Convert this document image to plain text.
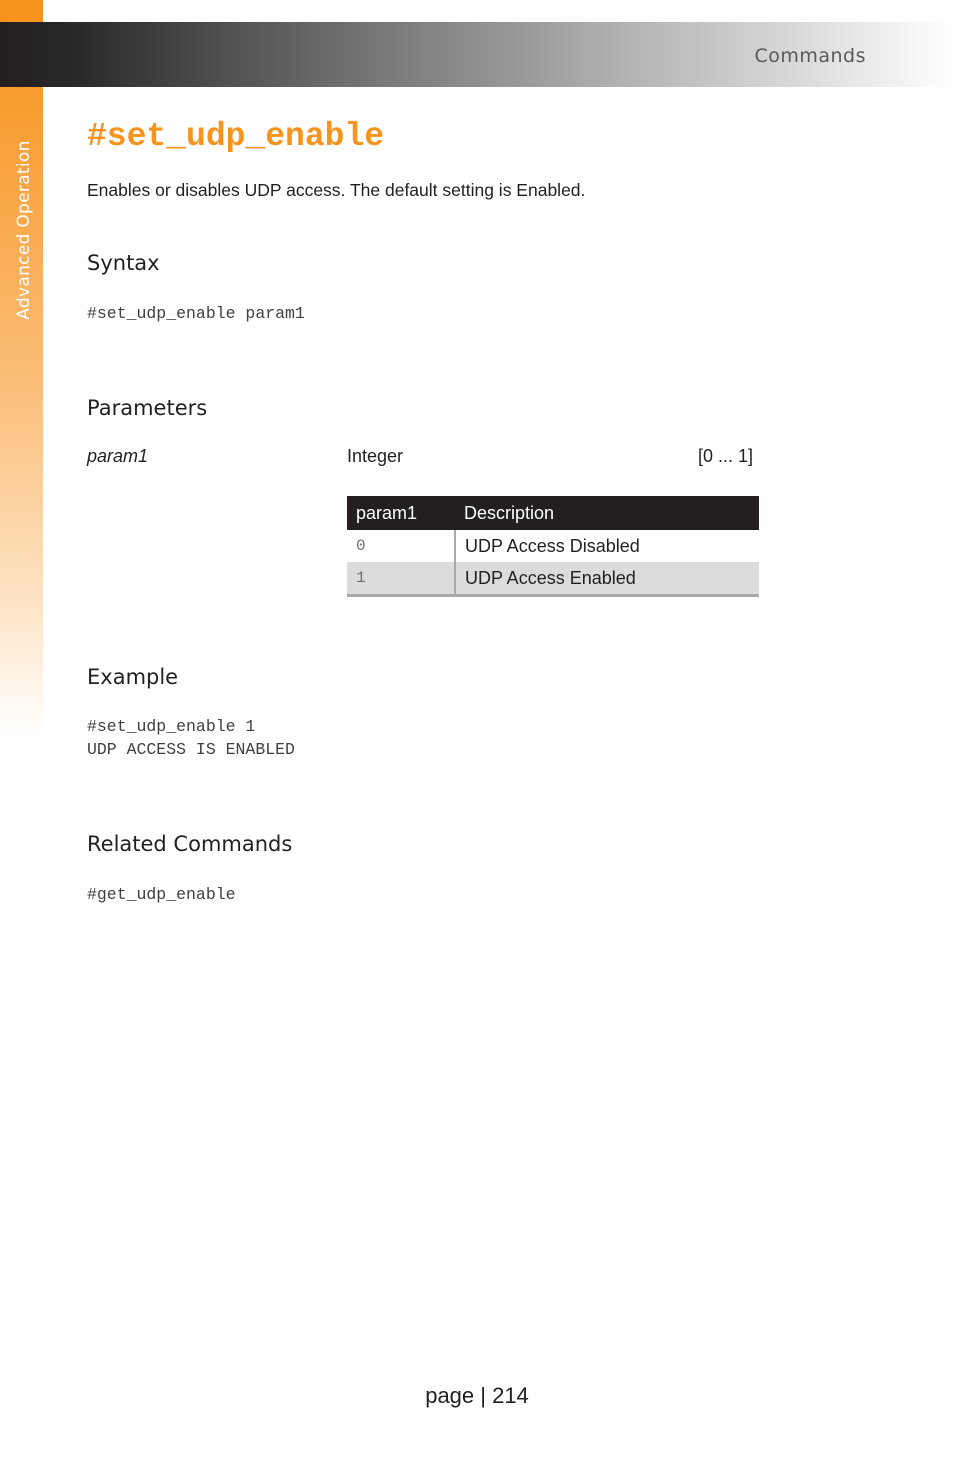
Advanced Operation
Commands
#set_udp_enable
Enables or disables UDP access. The default setting is Enabled.
Syntax
#set_udp_enable param1
Parameters
param1	Integer	[0 ... 1]
param1	Description
0	UDP Access Disabled
1	UDP Access Enabled
Example
#set_udp_enable 1
UDP ACCESS IS ENABLED
Related Commands
#get_udp_enable
page | 214
